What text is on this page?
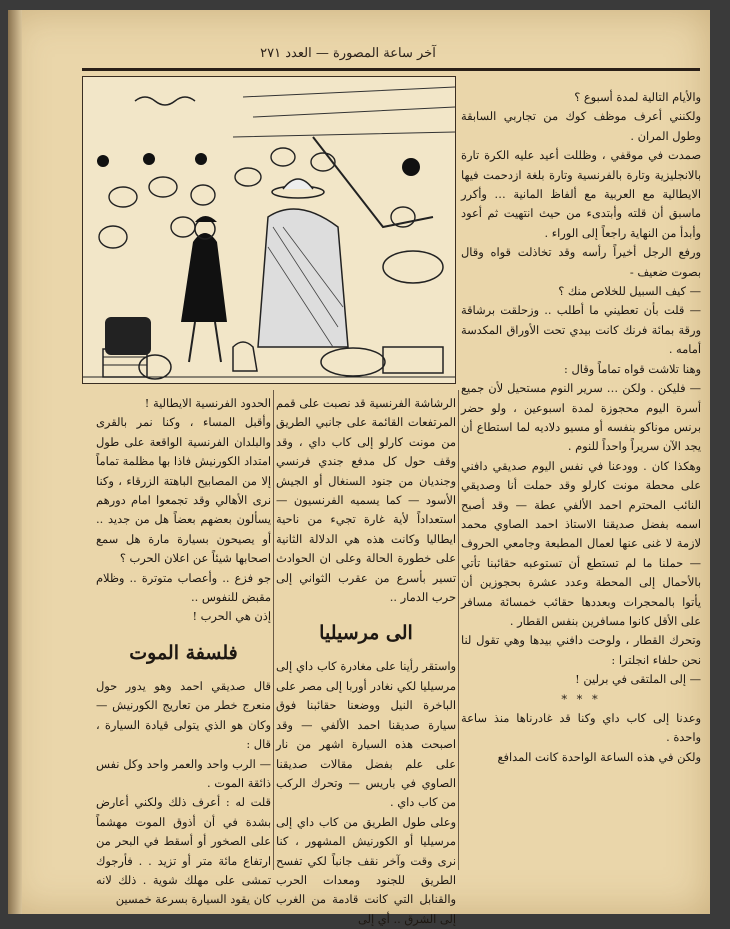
آخر ساعة المصورة — العدد ٢٧١

والأيام التالية لمدة أسبوع ؟

ولكنني أعرف موظف كوك من تجاربي السابقة وطول المران .

صمدت في موقفي ، وظللت أعيد عليه الكرة تارة بالانجليزية وتارة بالفرنسية وتارة بلغة ازدحمت فيها الايطالية مع العربية مع ألفاظ المانية … وأكرر ماسبق أن قلته وأبتدىء من حيث انتهيت ثم أعود وأبدأ من النهاية راجعاً إلى الوراء .

ورفع الرجل أخيراً رأسه وقد تخاذلت قواه وقال بصوت ضعيف -

— كيف السبيل للخلاص منك ؟

— قلت بأن تعطيني ما أطلب .. وزحلقت برشاقة ورقة بمائة فرنك كانت بيدي تحت الأوراق المكدسة أمامه .

وهنا تلاشت قواه تماماً وقال :

— فليكن . ولكن … سرير النوم مستحيل لأن جميع أسرة اليوم محجوزة لمدة اسبوعين ، ولو حضر برنس موناكو بنفسه أو مسيو دلاديه لما استطاع أن يجد الآن سريراً واحداً للنوم .

وهكذا كان . وودعنا في نفس اليوم صديقي دافني على محطة مونت كارلو وقد حملت أنا وصديقي النائب المحترم احمد الألفي عطة — وقد أصبح اسمه بفضل صديقنا الاستاذ احمد الصاوي محمد لازمة لا غنى عنها لعمال المطبعة وجامعي الحروف — حملنا ما لم تستطع أن تستوعبه حقائبنا تأتي بالأحمال إلى المحطة وعدد عشرة بحجوزين أن يأتوا بالمحجرات وبعددها حقائب خمسائة مسافر على الأقل كانوا مسافرين بنفس القطار .

وتحرك القطار ، ولوحت دافني بيدها وهي تقول لنا نحن حلفاء انجلترا :

— إلى الملتقى في برلين !

* * *

وعدنا إلى كاب داي وكنا قد غادرناها منذ ساعة واحدة .

ولكن في هذه الساعة الواحدة كانت المدافع

الرشاشة الفرنسية قد نصبت على قمم المرتفعات القائمة على جانبي الطريق من مونت كارلو إلى كاب داي ، وقد وقف حول كل مدفع جندي فرنسي وجنديان من جنود السنغال أو الجيش الأسود — كما يسميه الفرنسيون — استعداداً لأية غارة تجيء من ناحية ايطاليا وكانت هذه هي الدلالة الثانية على خطورة الحالة وعلى ان الحوادث تسير بأسرع من عقرب الثواني إلى حرب الدمار ..

الى مرسيليا

واستقر رأينا على مغادرة كاب داي إلى مرسيليا لكي نغادر أوربا إلى مصر على الباخرة النيل ووضعنا حقائبنا فوق سيارة صديقنا احمد الألفي — وقد اصبحت هذه السيارة اشهر من نار على علم بفضل مقالات صديقنا الصاوي في باريس — وتحرك الركب من كاب داي .

وعلى طول الطريق من كاب داي إلى مرسيليا أو الكورنيش المشهور ، كنا نرى وقت وآخر نقف جانباً لكي تفسح الطريق للجنود ومعدات الحرب والقنابل التي كانت قادمة من الغرب إلى الشرق .. أي إلى

الحدود الفرنسية الايطالية !

وأقبل المساء ، وكنا نمر بالقرى والبلدان الفرنسية الواقعة على طول امتداد الكورنيش فاذا بها مظلمة تماماً إلا من المصابيح الباهتة الزرقاء ، وكنا نرى الأهالي وقد تجمعوا امام دورهم يسألون بعضهم بعضاً هل من جديد .. أو يصيحون بسيارة مارة هل سمع اصحابها شيئاً عن اعلان الحرب ؟

جو فزع .. وأعصاب متوترة .. وظلام مقبض للنفوس ..

إذن هي الحرب !

فلسفة الموت

قال صديقي احمد وهو يدور حول منعرج خطر من تعاريج الكورنيش — وكان هو الذي يتولى قيادة السيارة ، قال :

— الرب واحد والعمر واحد وكل نفس ذائقة الموت .

قلت له : أعرف ذلك ولكني أعارض بشدة في أن أذوق الموت مهشماً على الصخور أو أسقط في البحر من ارتفاع مائة متر أو تزيد . . فأرجوك تمشى على مهلك شوية . ذلك لانه كان يقود السيارة بسرعة خمسين
